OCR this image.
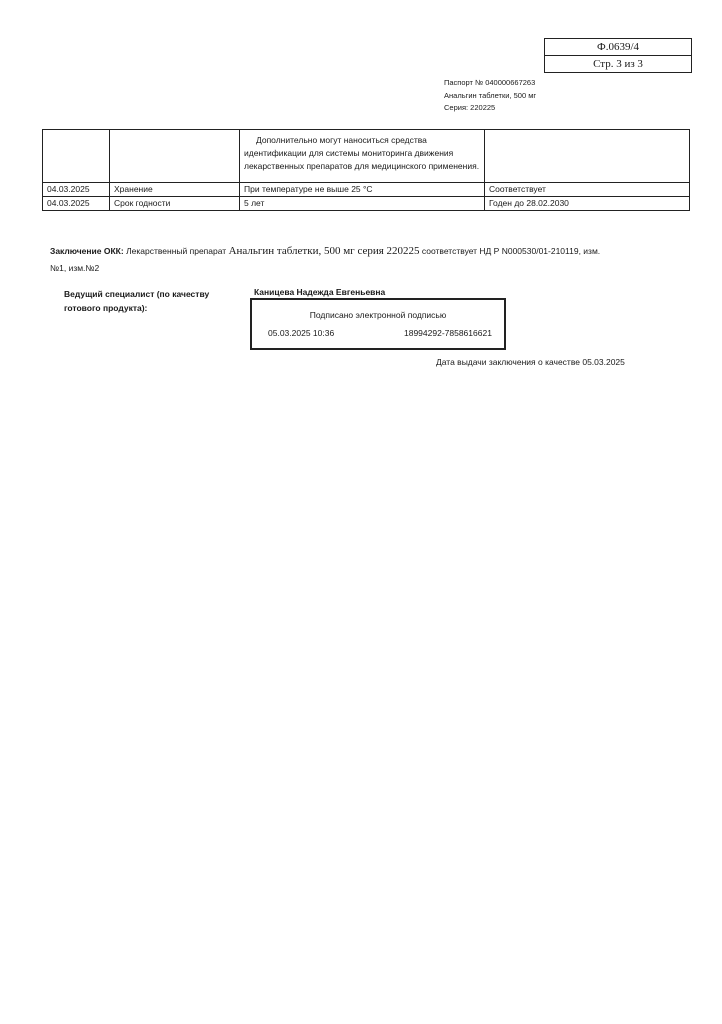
Ф.0639/4
Стр. 3 из 3
Паспорт № 040000667263
Анальгин таблетки, 500 мг
Серия: 220225
		Дополнительно могут наноситься средства идентификации для системы мониторинга движения лекарственных препаратов для медицинского применения.	
04.03.2025	Хранение	При температуре не выше 25 °С	Соответствует
04.03.2025	Срок годности	5 лет	Годен до 28.02.2030
Заключение ОКК: Лекарственный препарат Анальгин таблетки, 500 мг серия 220225 соответствует НД Р N000530/01-210119, изм.№1, изм.№2
Ведущий специалист (по качеству готового продукта):
Каницева Надежда Евгеньевна
Подписано электронной подписью
05.03.2025 10:36	18994292-7858616621
Дата выдачи заключения о качестве 05.03.2025
